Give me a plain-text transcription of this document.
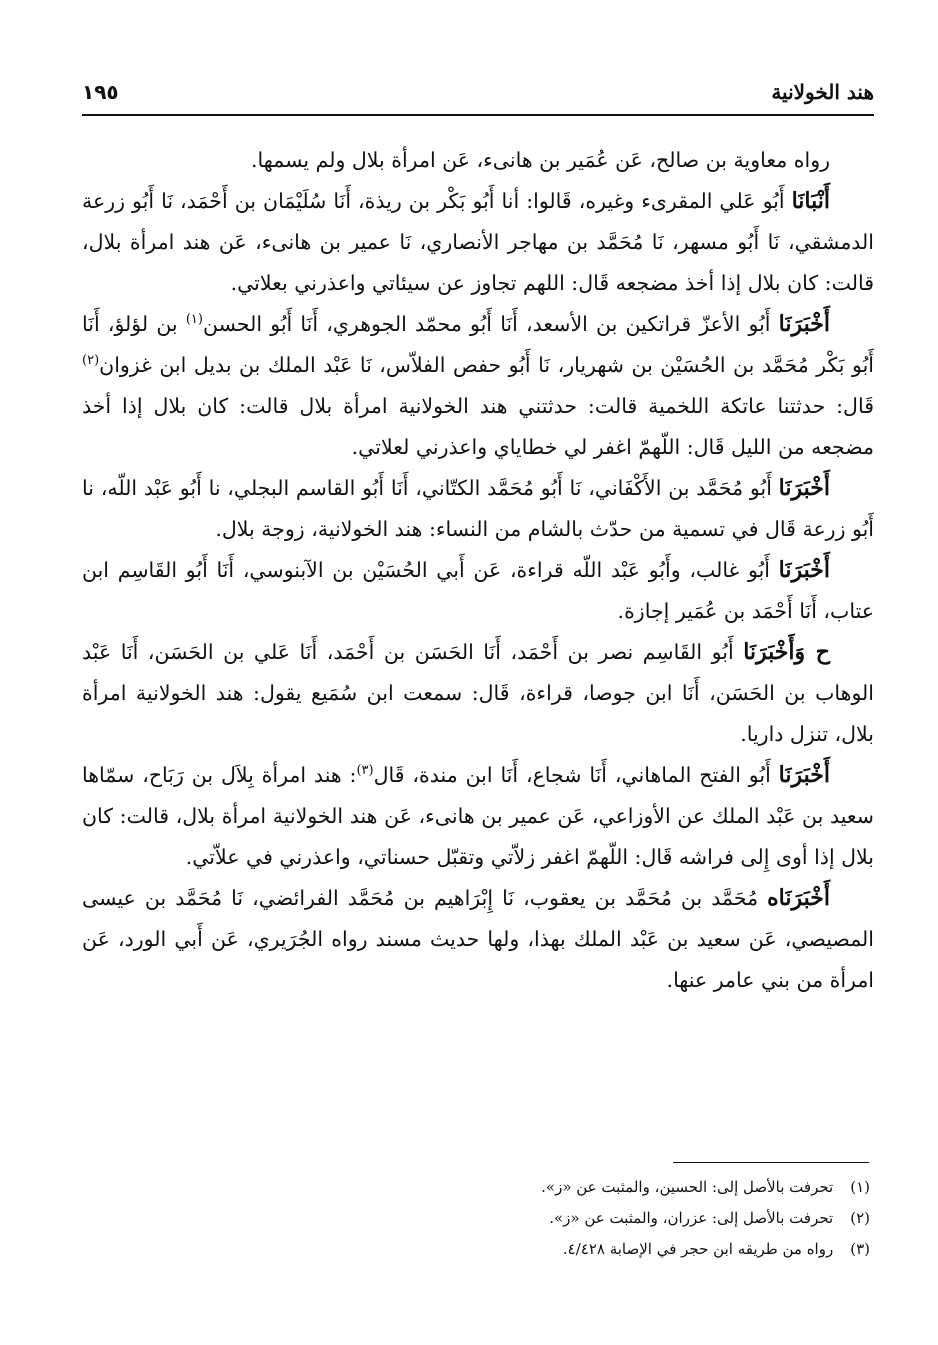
هند الخولانية
١٩٥

رواه معاوية بن صالح، عَن عُمَير بن هانىء، عَن امرأة بلال ولم يسمها.

أَنْبَانَا أَبُو عَلي المقرىء وغيره، قَالوا: أنا أَبُو بَكْر بن ريذة، أَنَا سُلَيْمَان بن أَحْمَد، نَا أَبُو زرعة الدمشقي، نَا أَبُو مسهر، نَا مُحَمَّد بن مهاجر الأنصاري، نَا عمير بن هانىء، عَن هند امرأة بلال، قالت: كان بلال إذا أخذ مضجعه قَال: اللهم تجاوز عن سيئاتي واعذرني بعلاتي.

أَخْبَرَنَا أَبُو الأعزّ قراتكين بن الأسعد، أَنَا أَبُو محمّد الجوهري، أَنَا أَبُو الحسن$^{(١)}$ بن لؤلؤ، أَنَا أَبُو بَكْر مُحَمَّد بن الحُسَيْن بن شهريار، نَا أَبُو حفص الفلاّس، نَا عَبْد الملك بن بديل ابن غزوان$^{(٢)}$ قَال: حدثتنا عاتكة اللخمية قالت: حدثتني هند الخولانية امرأة بلال قالت: كان بلال إذا أخذ مضجعه من الليل قَال: اللّهمّ اغفر لي خطاياي واعذرني لعلاتي.

أَخْبَرَنَا أَبُو مُحَمَّد بن الأَكْفَاني، نَا أَبُو مُحَمَّد الكتّاني، أَنَا أَبُو القاسم البجلي، نا أَبُو عَبْد اللّه، نا أَبُو زرعة قَال في تسمية من حدّث بالشام من النساء: هند الخولانية، زوجة بلال.

أَخْبَرَنَا أَبُو غالب، وأَبُو عَبْد اللّه قراءة، عَن أَبي الحُسَيْن بن الآبنوسي، أَنَا أَبُو القَاسِم ابن عتاب، أَنَا أَحْمَد بن عُمَير إجازة.

ح وَأَخْبَرَنَا أَبُو القَاسِم نصر بن أَحْمَد، أَنَا الحَسَن بن أَحْمَد، أَنَا عَلي بن الحَسَن، أَنَا عَبْد الوهاب بن الحَسَن، أَنَا ابن جوصا، قراءة، قَال: سمعت ابن سُمَيع يقول: هند الخولانية امرأة بلال، تنزل داريا.

أَخْبَرَنَا أَبُو الفتح الماهاني، أَنَا شجاع، أَنَا ابن مندة، قَال$^{(٣)}$: هند امرأة بِلاَل بن رَبَاح، سمّاها سعيد بن عَبْد الملك عن الأوزاعي، عَن عمير بن هانىء، عَن هند الخولانية امرأة بلال، قالت: كان بلال إذا أوى إِلى فراشه قَال: اللّهمّ اغفر زلاّتي وتقبّل حسناتي، واعذرني في علاّتي.

أَخْبَرَنَاه مُحَمَّد بن مُحَمَّد بن يعقوب، نَا إِبْرَاهيم بن مُحَمَّد الفرائضي، نَا مُحَمَّد بن عيسى المصيصي، عَن سعيد بن عَبْد الملك بهذا، ولها حديث مسند رواه الجُرَيري، عَن أَبي الورد، عَن امرأة من بني عامر عنها.

(١) تحرفت بالأصل إلى: الحسين، والمثبت عن «ز».

(٢) تحرفت بالأصل إلى: عزران، والمثبت عن «ز».

(٣) رواه من طريقه ابن حجر في الإصابة ٤/٤٢٨.
